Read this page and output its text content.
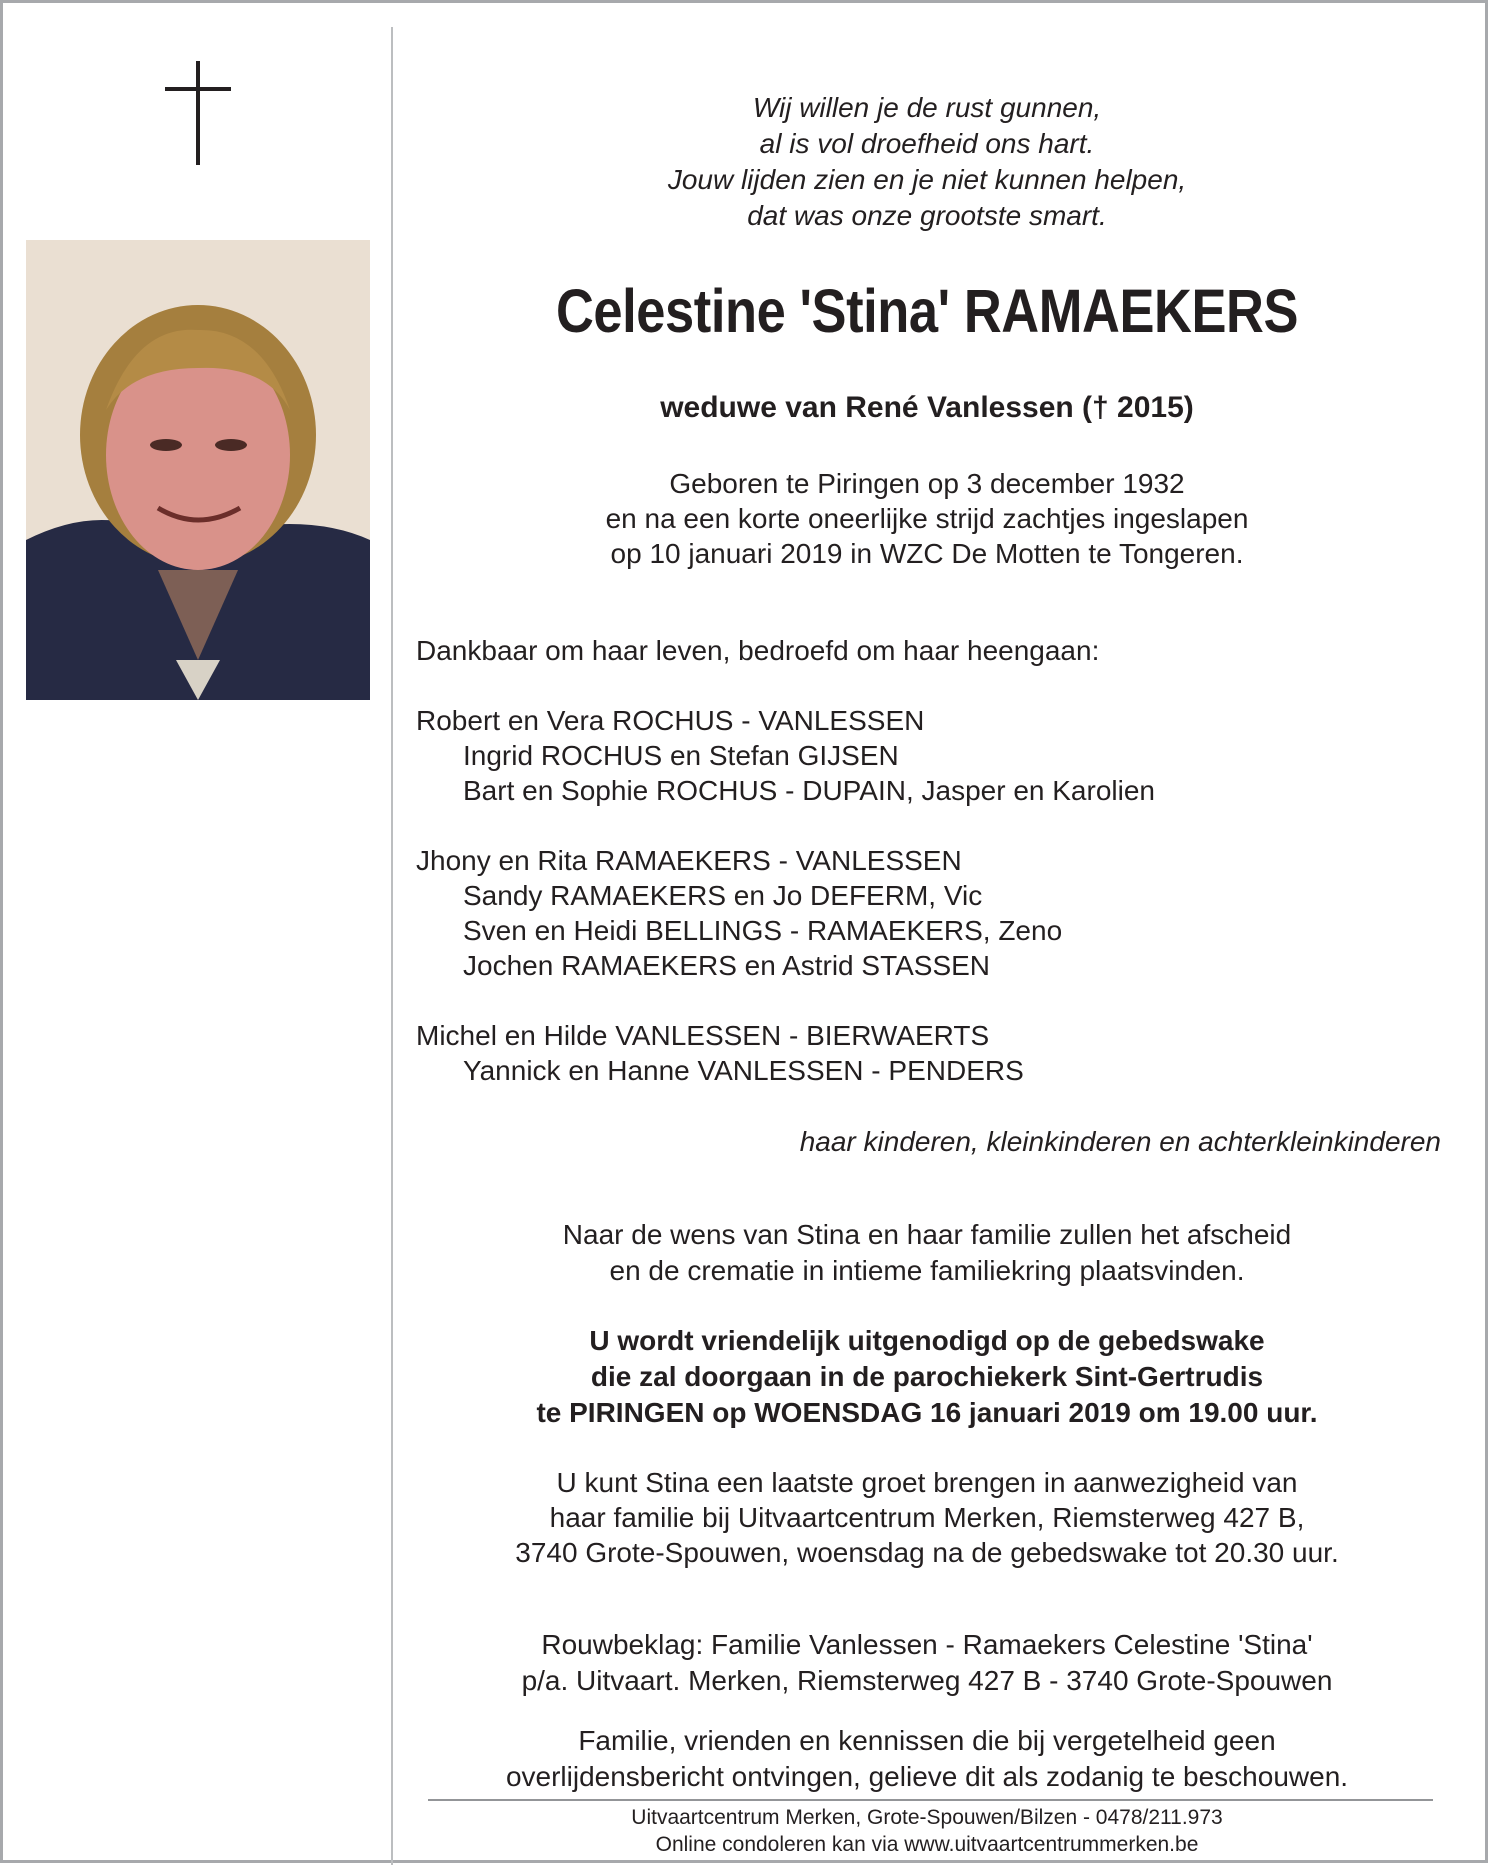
Wij willen je de rust gunnen,
al is vol droefheid ons hart.
Jouw lijden zien en je niet kunnen helpen,
dat was onze grootste smart.
Celestine 'Stina' RAMAEKERS
weduwe van René Vanlessen († 2015)
Geboren te Piringen op 3 december 1932
en na een korte oneerlijke strijd zachtjes ingeslapen
op 10 januari 2019 in WZC De Motten te Tongeren.
Dankbaar om haar leven, bedroefd om haar heengaan:
Robert en Vera ROCHUS - VANLESSEN
Ingrid ROCHUS en Stefan GIJSEN
Bart en Sophie ROCHUS - DUPAIN, Jasper en Karolien
Jhony en Rita RAMAEKERS - VANLESSEN
Sandy RAMAEKERS en Jo DEFERM, Vic
Sven en Heidi BELLINGS - RAMAEKERS, Zeno
Jochen RAMAEKERS en Astrid STASSEN
Michel en Hilde VANLESSEN - BIERWAERTS
Yannick en Hanne VANLESSEN - PENDERS
haar kinderen, kleinkinderen en achterkleinkinderen
Naar de wens van Stina en haar familie zullen het afscheid
en de crematie in intieme familiekring plaatsvinden.
U wordt vriendelijk uitgenodigd op de gebedswake
die zal doorgaan in de parochiekerk Sint-Gertrudis
te PIRINGEN op WOENSDAG 16 januari 2019 om 19.00 uur.
U kunt Stina een laatste groet brengen in aanwezigheid van
haar familie bij Uitvaartcentrum Merken, Riemsterweg 427 B,
3740 Grote-Spouwen, woensdag na de gebedswake tot 20.30 uur.
Rouwbeklag: Familie Vanlessen - Ramaekers Celestine 'Stina'
p/a. Uitvaart. Merken, Riemsterweg 427 B - 3740 Grote-Spouwen
Familie, vrienden en kennissen die bij vergetelheid geen
overlijdensbericht ontvingen, gelieve dit als zodanig te beschouwen.
Uitvaartcentrum Merken, Grote-Spouwen/Bilzen - 0478/211.973
Online condoleren kan via www.uitvaartcentrummerken.be
